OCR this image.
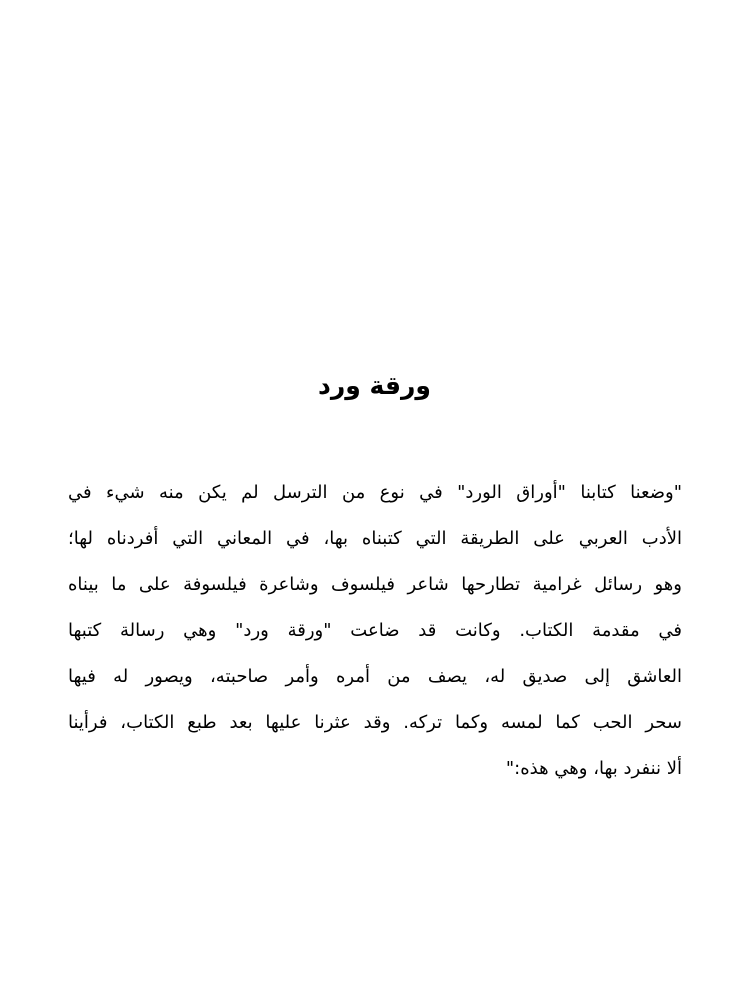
ورقة ورد
"وضعنا كتابنا "أوراق الورد" في نوع من الترسل لم يكن منه شيء في
الأدب العربي على الطريقة التي كتبناه بها، في المعاني التي أفردناه لها؛
وهو رسائل غرامية تطارحها شاعر فيلسوف وشاعرة فيلسوفة على ما بيناه
في مقدمة الكتاب. وكانت قد ضاعت "ورقة ورد" وهي رسالة كتبها
العاشق إلى صديق له، يصف من أمره وأمر صاحبته، ويصور له فيها
سحر الحب كما لمسه وكما تركه. وقد عثرنا عليها بعد طبع الكتاب، فرأينا
ألا ننفرد بها، وهي هذه:"
